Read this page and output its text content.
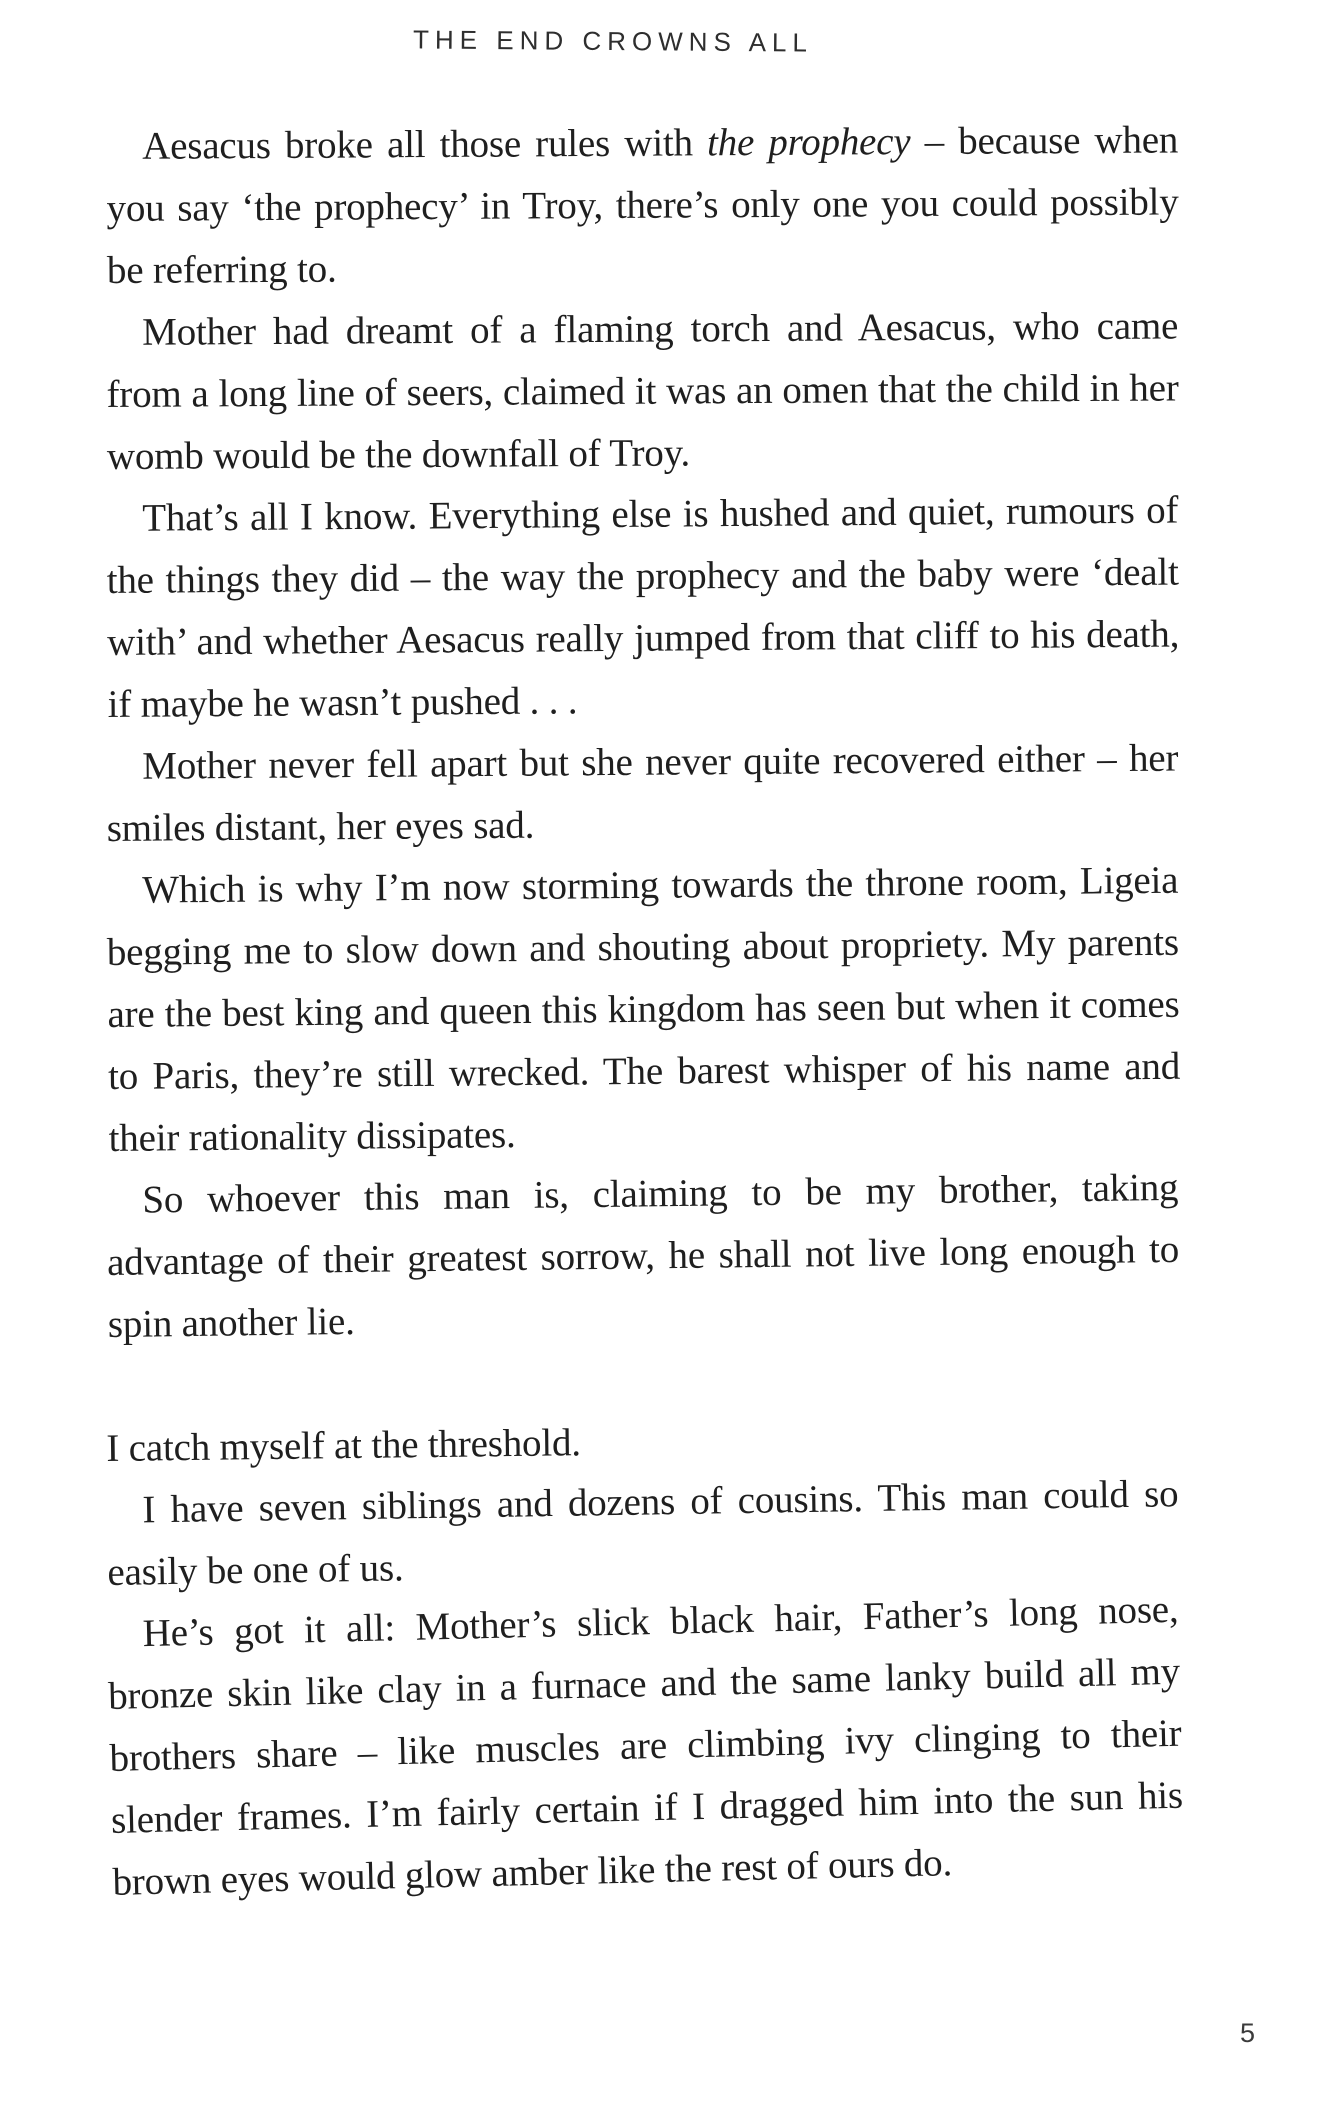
THE END CROWNS ALL

Aesacus broke all those rules with the prophecy – because when you say ‘the prophecy’ in Troy, there’s only one you could possibly be referring to.

Mother had dreamt of a flaming torch and Aesacus, who came from a long line of seers, claimed it was an omen that the child in her womb would be the downfall of Troy.

That’s all I know. Everything else is hushed and quiet, rumours of the things they did – the way the prophecy and the baby were ‘dealt with’ and whether Aesacus really jumped from that cliff to his death, if maybe he wasn’t pushed . . .

Mother never fell apart but she never quite recovered either – her smiles distant, her eyes sad.

Which is why I’m now storming towards the throne room, Ligeia begging me to slow down and shouting about propriety. My parents are the best king and queen this kingdom has seen but when it comes to Paris, they’re still wrecked. The barest whisper of his name and their rationality dissipates.

So whoever this man is, claiming to be my brother, taking advantage of their greatest sorrow, he shall not live long enough to spin another lie.

I catch myself at the threshold.

I have seven siblings and dozens of cousins. This man could so easily be one of us.

He’s got it all: Mother’s slick black hair, Father’s long nose, bronze skin like clay in a furnace and the same lanky build all my brothers share – like muscles are climbing ivy clinging to their slender frames. I’m fairly certain if I dragged him into the sun his brown eyes would glow amber like the rest of ours do.

5
